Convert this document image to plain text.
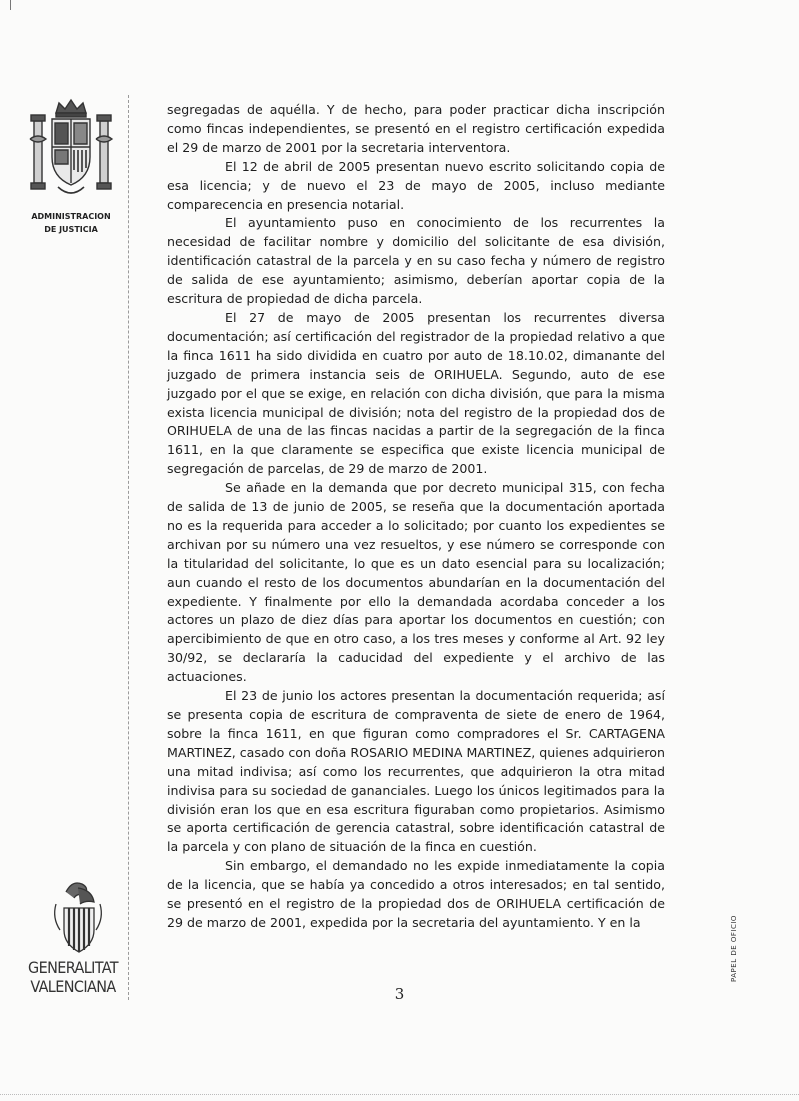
ADMINISTRACION
DE JUSTICIA

segregadas de aquélla. Y de hecho, para poder practicar dicha inscripción como fincas independientes, se presentó en el registro certificación expedida el 29 de marzo de 2001 por la secretaria interventora.

El 12 de abril de 2005 presentan nuevo escrito solicitando copia de esa licencia; y de nuevo el 23 de mayo de 2005, incluso mediante comparecencia en presencia notarial.

El ayuntamiento puso en conocimiento de los recurrentes la necesidad de facilitar nombre y domicilio del solicitante de esa división, identificación catastral de la parcela y en su caso fecha y número de registro de salida de ese ayuntamiento; asimismo, deberían aportar copia de la escritura de propiedad de dicha parcela.

El 27 de mayo de 2005 presentan los recurrentes diversa documentación; así certificación del registrador de la propiedad relativo a que la finca 1611 ha sido dividida en cuatro por auto de 18.10.02, dimanante del juzgado de primera instancia seis de ORIHUELA. Segundo, auto de ese juzgado por el que se exige, en relación con dicha división, que para la misma exista licencia municipal de división; nota del registro de la propiedad dos de ORIHUELA de una de las fincas nacidas a partir de la segregación de la finca 1611, en la que claramente se especifica que existe licencia municipal de segregación de parcelas, de 29 de marzo de 2001.

Se añade en la demanda que por decreto municipal 315, con fecha de salida de 13 de junio de 2005, se reseña que la documentación aportada no es la requerida para acceder a lo solicitado; por cuanto los expedientes se archivan por su número una vez resueltos, y ese número se corresponde con la titularidad del solicitante, lo que es un dato esencial para su localización; aun cuando el resto de los documentos abundarían en la documentación del expediente. Y finalmente por ello la demandada acordaba conceder a los actores un plazo de diez días para aportar los documentos en cuestión; con apercibimiento de que en otro caso, a los tres meses y conforme al Art. 92 ley 30/92, se declararía la caducidad del expediente y el archivo de las actuaciones.

El 23 de junio los actores presentan la documentación requerida; así se presenta copia de escritura de compraventa de siete de enero de 1964, sobre la finca 1611, en que figuran como compradores el Sr. CARTAGENA MARTINEZ, casado con doña ROSARIO MEDINA MARTINEZ, quienes adquirieron una mitad indivisa; así como los recurrentes, que adquirieron la otra mitad indivisa para su sociedad de gananciales. Luego los únicos legitimados para la división eran los que en esa escritura figuraban como propietarios. Asimismo se aporta certificación de gerencia catastral, sobre identificación catastral de la parcela y con plano de situación de la finca en cuestión.

Sin embargo, el demandado no les expide inmediatamente la copia de la licencia, que se había ya concedido a otros interesados; en tal sentido, se presentó en el registro de la propiedad dos de ORIHUELA certificación de 29 de marzo de 2001, expedida por la secretaria del ayuntamiento. Y en la

GENERALITAT
VALENCIANA	3
PAPEL DE OFICIO
